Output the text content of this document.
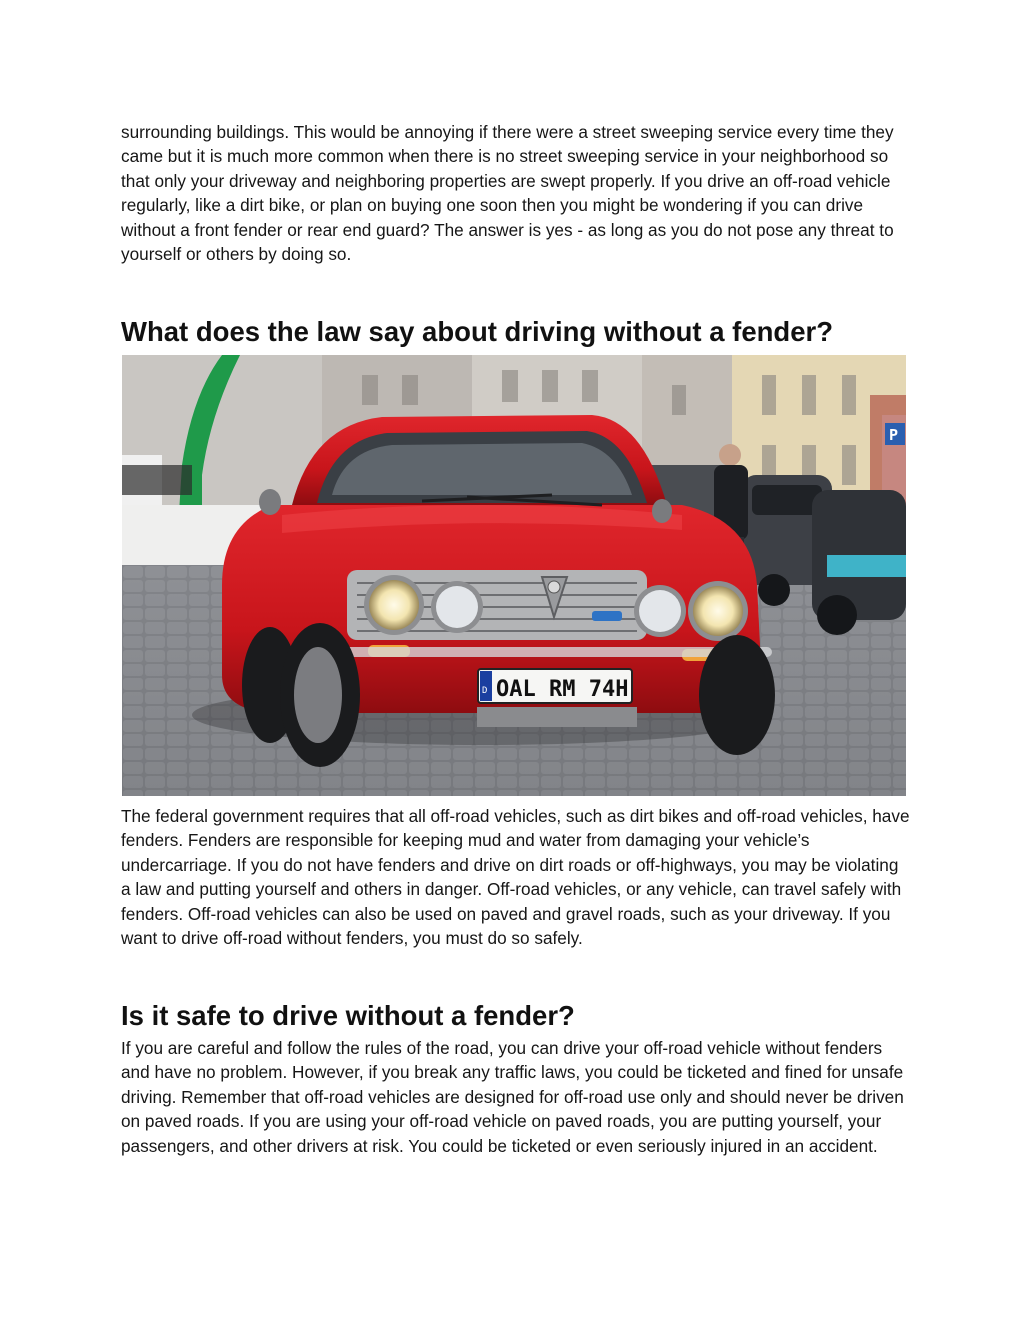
surrounding buildings. This would be annoying if there were a street sweeping service every time they came but it is much more common when there is no street sweeping service in your neighborhood so that only your driveway and neighboring properties are swept properly. If you drive an off-road vehicle regularly, like a dirt bike, or plan on buying one soon then you might be wondering if you can drive without a front fender or rear end guard? The answer is yes - as long as you do not pose any threat to yourself or others by doing so.

What does the law say about driving without a fender?
P
D OAL RM 74H

The federal government requires that all off-road vehicles, such as dirt bikes and off-road vehicles, have fenders. Fenders are responsible for keeping mud and water from damaging your vehicle’s undercarriage. If you do not have fenders and drive on dirt roads or off-highways, you may be violating a law and putting yourself and others in danger. Off-road vehicles, or any vehicle, can travel safely with fenders. Off-road vehicles can also be used on paved and gravel roads, such as your driveway. If you want to drive off-road without fenders, you must do so safely.

Is it safe to drive without a fender?

If you are careful and follow the rules of the road, you can drive your off-road vehicle without fenders and have no problem. However, if you break any traffic laws, you could be ticketed and fined for unsafe driving. Remember that off-road vehicles are designed for off-road use only and should never be driven on paved roads. If you are using your off-road vehicle on paved roads, you are putting yourself, your passengers, and other drivers at risk. You could be ticketed or even seriously injured in an accident.
